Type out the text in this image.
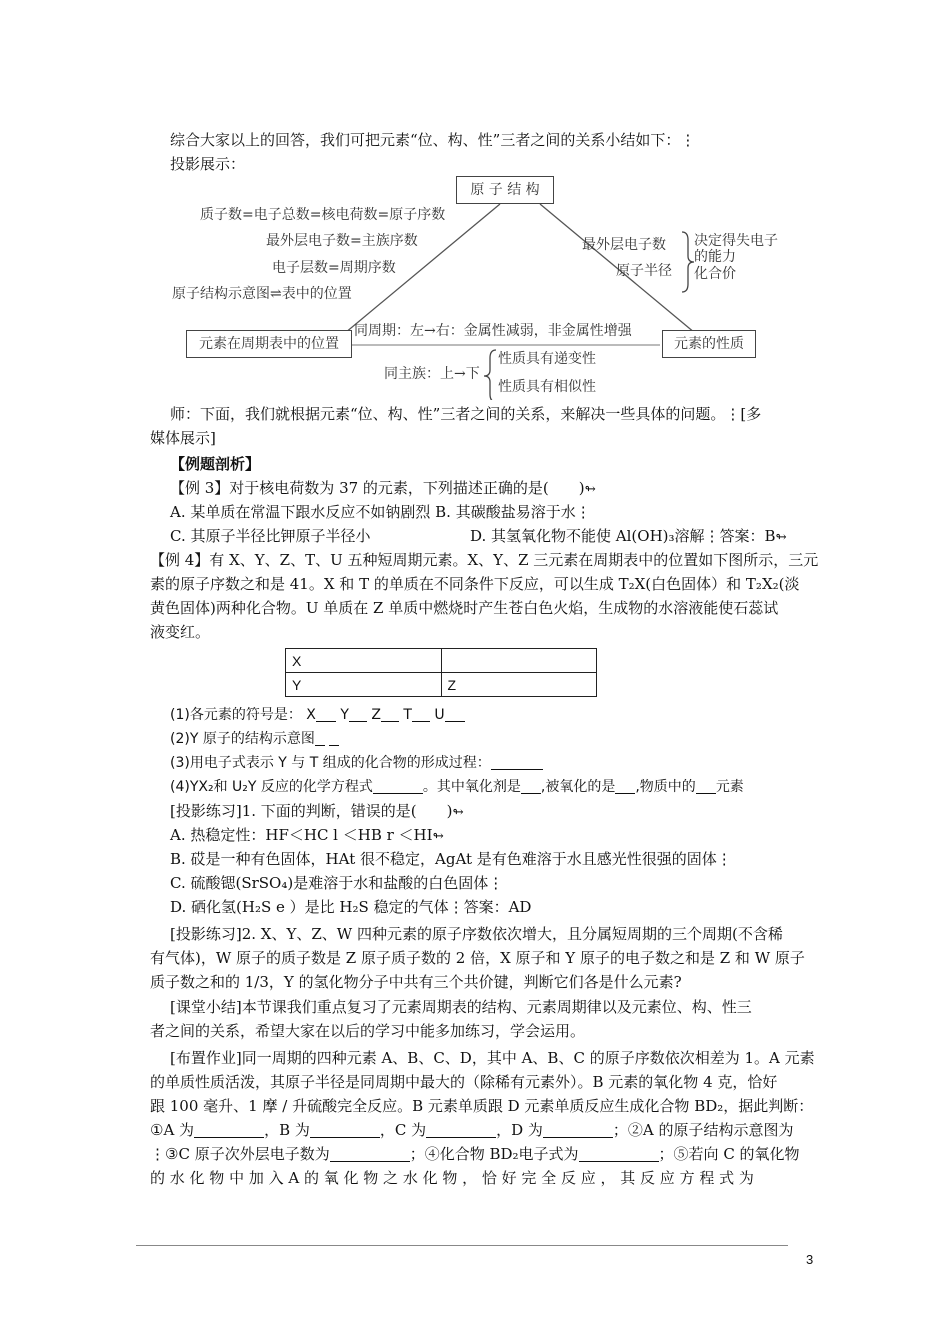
综合大家以上的回答，我们可把元素“位、构、性”三者之间的关系小结如下：⋮
投影展示：
原 子 结 构
元素在周期表中的位置	元素的性质
质子数=电子总数=核电荷数=原子序数
最外层电子数=主族序数
电子层数=周期序数
原子结构示意图⇌表中的位置
最外层电子数
原子半径
决定得失电子
的能力
化合价
同周期：左→右：金属性减弱，非金属性增强
同主族：上→下
性质具有递变性
性质具有相似性
师：下面，我们就根据元素“位、构、性”三者之间的关系，来解决一些具体的问题。⋮[多
媒体展示]
【例题剖析】
【例 3】对于核电荷数为 37 的元素，下列描述正确的是(　　)↬
A. 某单质在常温下跟水反应不如钠剧烈 B. 其碳酸盐易溶于水⋮
C. 其原子半径比钾原子半径小	D. 其氢氧化物不能使 Al(OH)₃溶解⋮答案：B↬
【例 4】有 X、Y、Z、T、U 五种短周期元素。X、Y、Z 三元素在周期表中的位置如下图所示，三元
素的原子序数之和是 41。X 和 T 的单质在不同条件下反应，可以生成 T₂X(白色固体）和 T₂X₂(淡
黄色固体)两种化合物。U 单质在 Z 单质中燃烧时产生苍白色火焰，生成物的水溶液能使石蕊试
液变红。
X	
Y	Z
(1)各元素的符号是： X Y Z T U
(2)Y 原子的结构示意图
(3)用电子式表示 Y 与 T 组成的化合物的形成过程：
(4)YX₂和 U₂Y 反应的化学方程式	。其中氧化剂是 ,被氧化的是 ,物质中的 元素
[投影练习]1. 下面的判断，错误的是(　　)↬
A. 热稳定性：HF＜HC l ＜HB r ＜HI↬
B. 砹是一种有色固体，HAt 很不稳定，AgAt 是有色难溶于水且感光性很强的固体⋮
C. 硫酸锶(SrSO₄)是难溶于水和盐酸的白色固体⋮
D. 硒化氢(H₂S e ）是比 H₂S 稳定的气体⋮答案：AD
[投影练习]2. X、Y、Z、W 四种元素的原子序数依次增大，且分属短周期的三个周期(不含稀
有气体)，W 原子的质子数是 Z 原子质子数的 2 倍，X 原子和 Y 原子的电子数之和是 Z 和 W 原子
质子数之和的 1/3，Y 的氢化物分子中共有三个共价键，判断它们各是什么元素?
[课堂小结]本节课我们重点复习了元素周期表的结构、元素周期律以及元素位、构、性三
者之间的关系，希望大家在以后的学习中能多加练习，学会运用。
[布置作业]同一周期的四种元素 A、B、C、D，其中 A、B、C 的原子序数依次相差为 1。A 元素
的单质性质活泼，其原子半径是同周期中最大的（除稀有元素外）。B 元素的氧化物 4 克，恰好
跟 100 毫升、1 摩 / 升硫酸完全反应。B 元素单质跟 D 元素单质反应生成化合物 BD₂，据此判断：
①A 为	，B 为	，C 为	，D 为	；②A 的原子结构示意图为
⋮③C 原子次外层电子数为	；④化合物 BD₂电子式为	；⑤若向 C 的氧化物
的 水 化 物 中 加 入 A 的 氧 化 物 之 水 化 物 ， 恰 好 完 全 反 应 ， 其 反 应 方 程 式 为
3
